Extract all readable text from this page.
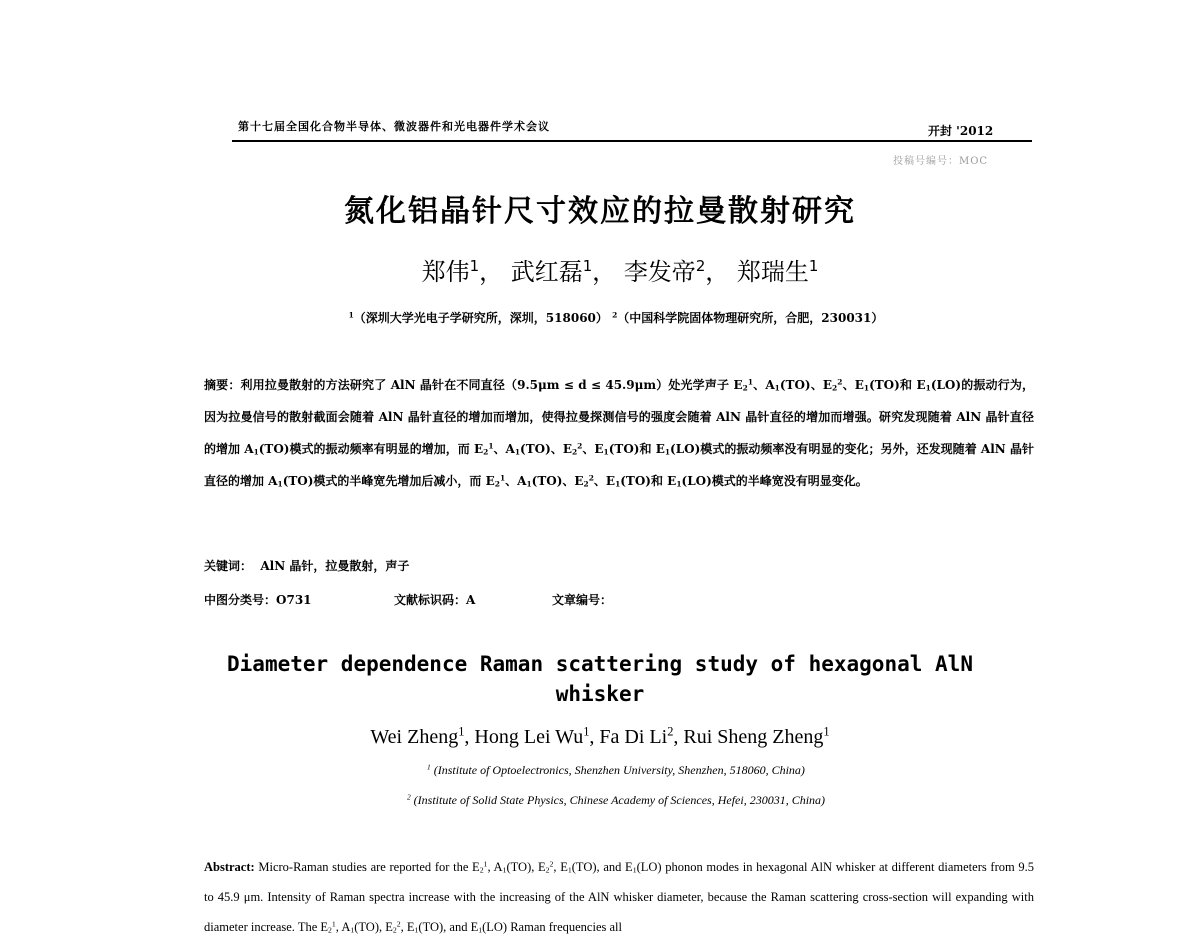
第十七届全国化合物半导体、微波器件和光电器件学术会议	开封 '2012
投稿号编号：MOC
氮化铝晶针尺寸效应的拉曼散射研究
郑伟$^1$， 武红磊$^1$， 李发帝$^2$， 郑瑞生$^1$
$^1$（深圳大学光电子学研究所，深圳，518060） $^2$（中国科学院固体物理研究所，合肥，230031）
摘要：利用拉曼散射的方法研究了 AlN 晶针在不同直径（9.5μm ≤ d ≤ 45.9μm）处光学声子 $E_2^1$、$A_1(TO)$、$E_2^2$、$E_1(TO)$和 $E_1(LO)$的振动行为，因为拉曼信号的散射截面会随着 AlN 晶针直径的增加而增加，使得拉曼探测信号的强度会随着 AlN 晶针直径的增加而增强。研究发现随着 AlN 晶针直径的增加 $A_1(TO)$模式的振动频率有明显的增加，而 $E_2^1$、$A_1(TO)$、$E_2^2$、$E_1(TO)$和 $E_1(LO)$模式的振动频率没有明显的变化；另外，还发现随着 AlN 晶针直径的增加 $A_1(TO)$模式的半峰宽先增加后减小，而 $E_2^1$、$A_1(TO)$、$E_2^2$、$E_1(TO)$和 $E_1(LO)$模式的半峰宽没有明显变化。
关键词： AlN 晶针，拉曼散射，声子
中图分类号：O731	文献标识码：A	文章编号：
Diameter dependence Raman scattering study of hexagonal AlN
whisker
Wei Zheng$^1$, Hong Lei Wu$^1$, Fa Di Li$^2$, Rui Sheng Zheng$^1$
$^1$ (Institute of Optoelectronics, Shenzhen University, Shenzhen, 518060, China)
$^2$ (Institute of Solid State Physics, Chinese Academy of Sciences, Hefei, 230031, China)
Abstract: Micro-Raman studies are reported for the $E_2^1$, $A_1(TO)$, $E_2^2$, $E_1(TO)$, and $E_1(LO)$ phonon modes in hexagonal AlN whisker at different diameters from 9.5 to 45.9 μm. Intensity of Raman spectra increase with the increasing of the AlN whisker diameter, because the Raman scattering cross-section will expanding with diameter increase. The $E_2^1$, $A_1(TO)$, $E_2^2$, $E_1(TO)$, and $E_1(LO)$ Raman frequencies all
